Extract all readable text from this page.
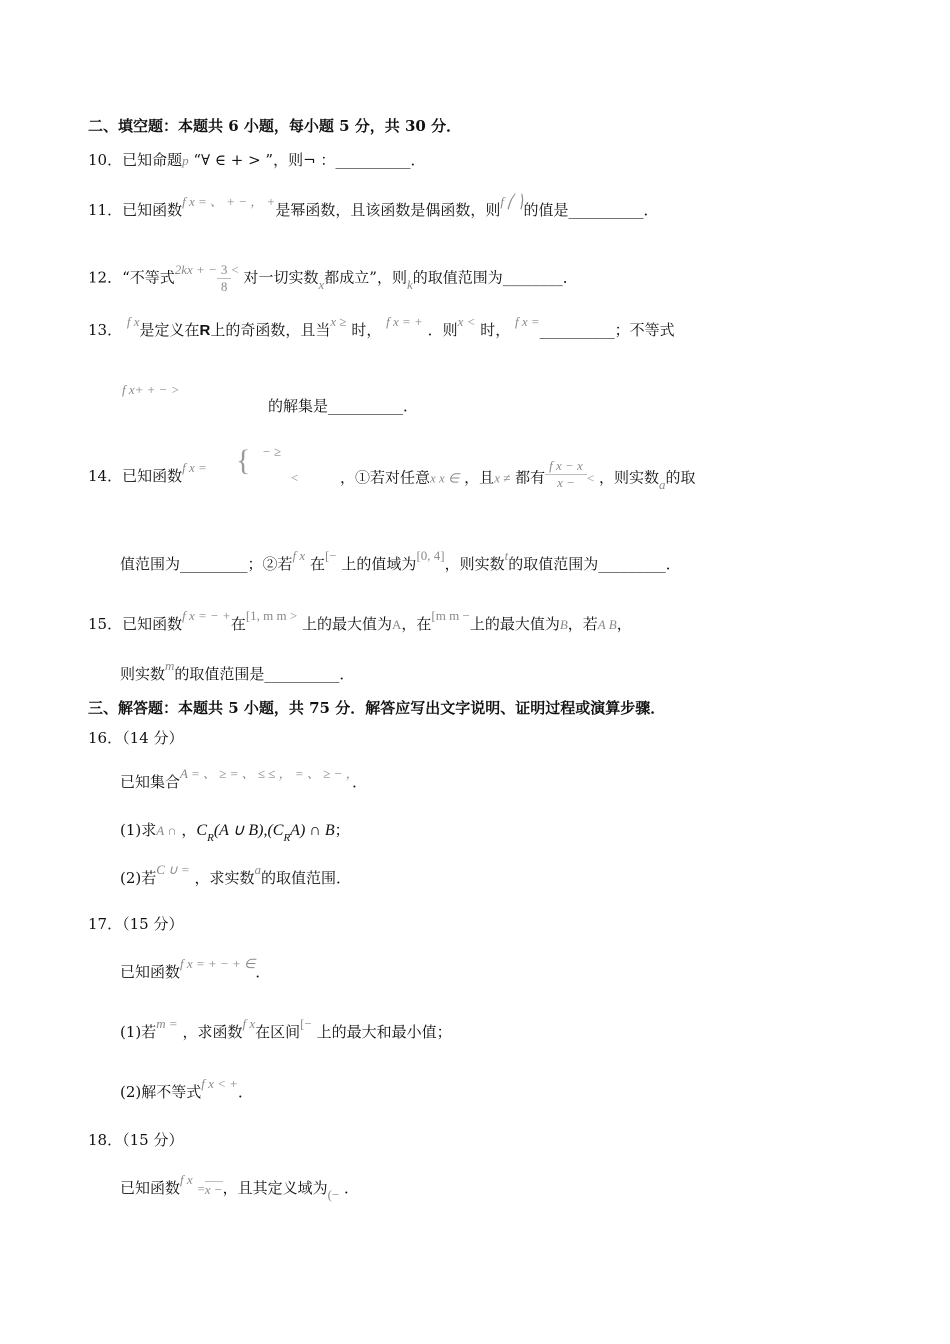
二、填空题：本题共 6 小题，每小题 5 分，共 30 分．
10．已知命题p “∀ ∈ + > ”，则¬ ：__________．
11．已知函数f x = 、 + − ， +是幂函数，且该函数是偶函数，则f ⎛ ⎞的值是__________．
12．“不等式2kx + − $\frac{3}{8}$ < 对一切实数x都成立”，则k的取值范围为________．
13． f x是定义在R上的奇函数，且当x ≥ 时， f x = + ．则x < 时， f x =__________；不等式
f x+ + − >
的解集是__________．
{ − ≥
<
14．已知函数f x =
，①若对任意x x ∈ ，且x ≠ 都有 $\frac{\text{f x − x}}{x -}$ < ，则实数a的取
值范围为_________；②若f x 在[− 上的值域为[0, 4]，则实数t的取值范围为_________．
15．已知函数f x = − +在[1, m m > 上的最大值为A，在[m m −上的最大值为B，若A B，
则实数m的取值范围是__________．
三、解答题：本题共 5 小题，共 75 分．解答应写出文字说明、证明过程或演算步骤．
16．（14 分）
已知集合A = 、 ≥ = 、 ≤ ≤ ， = 、 ≥ − ，．
(1)求A ∩ ，$C_R(A$ ∪ $B),(C_RA)$ ∩ B；
(2)若C ∪ = ，求实数a的取值范围．
17．（15 分）
已知函数f x = + − + ∈．
(1)若m = ，求函数f x在区间[− 上的最大和最小值；
(2)解不等式f x < +．
18．（15 分）
已知函数f x = x − ，且其定义域为(− ．
